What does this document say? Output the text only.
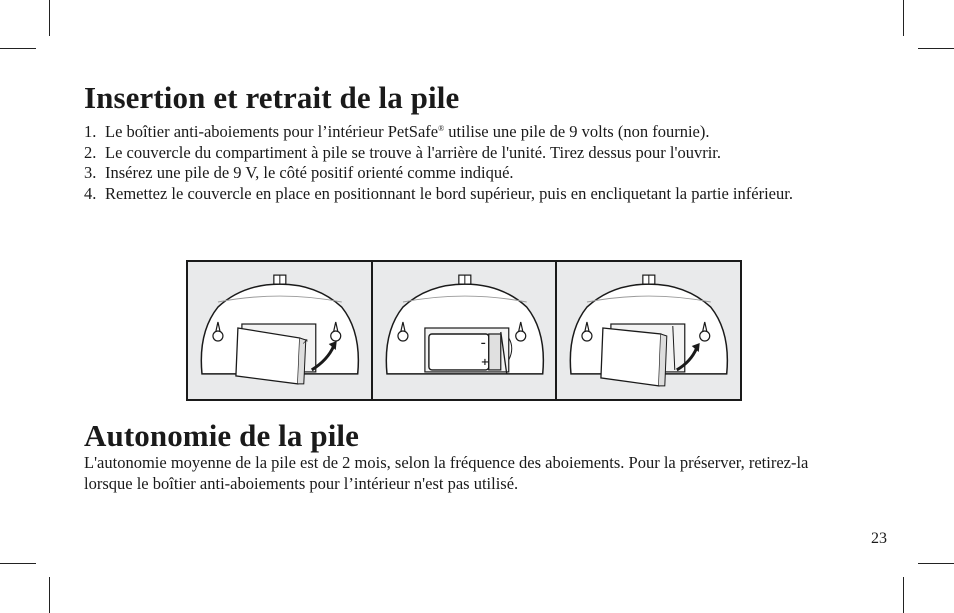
Insertion et retrait de la pile
1. Le boîtier anti-aboiements pour l’intérieur PetSafe® utilise une pile de 9 volts (non fournie).
2. Le couvercle du compartiment à pile se trouve à l'arrière de l'unité. Tirez dessus pour l'ouvrir.
3. Insérez une pile de 9 V, le côté positif orienté comme indiqué.
4. Remettez le couvercle en place en positionnant le bord supérieur, puis en encliquetant la partie inférieur.
↗	–
+
Autonomie de la pile

L'autonomie moyenne de la pile est de 2 mois, selon la fréquence des aboiements. Pour la préserver, retirez-la lorsque le boîtier anti-aboiements pour l’intérieur n'est pas utilisé.

23
